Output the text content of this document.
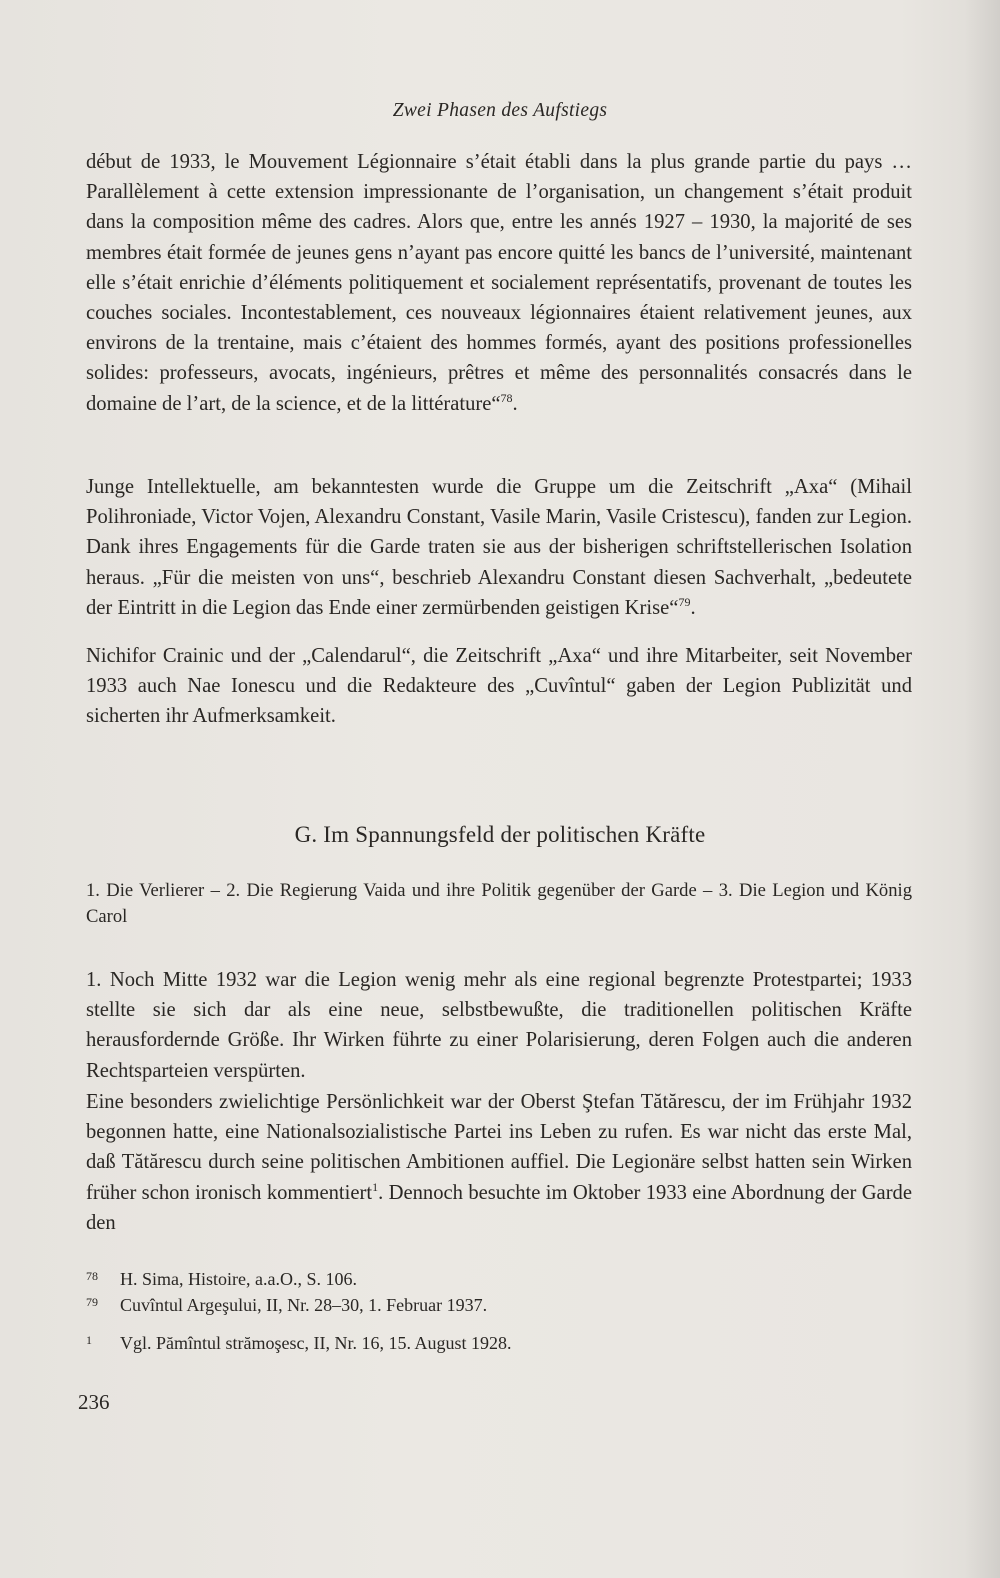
Zwei Phasen des Aufstiegs

début de 1933, le Mouvement Légionnaire s’était établi dans la plus grande partie du pays … Parallèlement à cette extension impressionante de l’organisation, un changement s’était produit dans la composition même des cadres. Alors que, entre les annés 1927 – 1930, la majorité de ses membres était formée de jeunes gens n’ayant pas encore quitté les bancs de l’université, maintenant elle s’était enrichie d’éléments politiquement et socialement représentatifs, provenant de toutes les couches sociales. Incontestablement, ces nouveaux légionnaires étaient relativement jeunes, aux environs de la trentaine, mais c’étaient des hommes formés, ayant des positions professionelles solides: professeurs, avocats, ingénieurs, prêtres et même des personnalités consacrés dans le domaine de l’art, de la science, et de la littérature“$^{78}$.

Junge Intellektuelle, am bekanntesten wurde die Gruppe um die Zeitschrift „Axa“ (Mihail Polihroniade, Victor Vojen, Alexandru Constant, Vasile Marin, Vasile Cristescu), fanden zur Legion. Dank ihres Engagements für die Garde traten sie aus der bisherigen schriftstellerischen Isolation heraus. „Für die meisten von uns“, beschrieb Alexandru Constant diesen Sachverhalt, „bedeutete der Eintritt in die Legion das Ende einer zermürbenden geistigen Krise“$^{79}$.

Nichifor Crainic und der „Calendarul“, die Zeitschrift „Axa“ und ihre Mitarbeiter, seit November 1933 auch Nae Ionescu und die Redakteure des „Cuvîntul“ gaben der Legion Publizität und sicherten ihr Aufmerksamkeit.

G. Im Spannungsfeld der politischen Kräfte
1. Die Verlierer – 2. Die Regierung Vaida und ihre Politik gegenüber der Garde – 3. Die Legion und König Carol

1. Noch Mitte 1932 war die Legion wenig mehr als eine regional begrenzte Protestpartei; 1933 stellte sie sich dar als eine neue, selbstbewußte, die traditionellen politischen Kräfte herausfordernde Größe. Ihr Wirken führte zu einer Polarisierung, deren Folgen auch die anderen Rechtsparteien verspürten.

Eine besonders zwielichtige Persönlichkeit war der Oberst Ştefan Tătărescu, der im Frühjahr 1932 begonnen hatte, eine Nationalsozialistische Partei ins Leben zu rufen. Es war nicht das erste Mal, daß Tătărescu durch seine politischen Ambitionen auffiel. Die Legionäre selbst hatten sein Wirken früher schon ironisch kommentiert$^1$. Dennoch besuchte im Oktober 1933 eine Abordnung der Garde den

78 H. Sima, Histoire, a.a.O., S. 106.
79 Cuvîntul Argeşului, II, Nr. 28–30, 1. Februar 1937.
1 Vgl. Pămîntul strămoşesc, II, Nr. 16, 15. August 1928.
236
